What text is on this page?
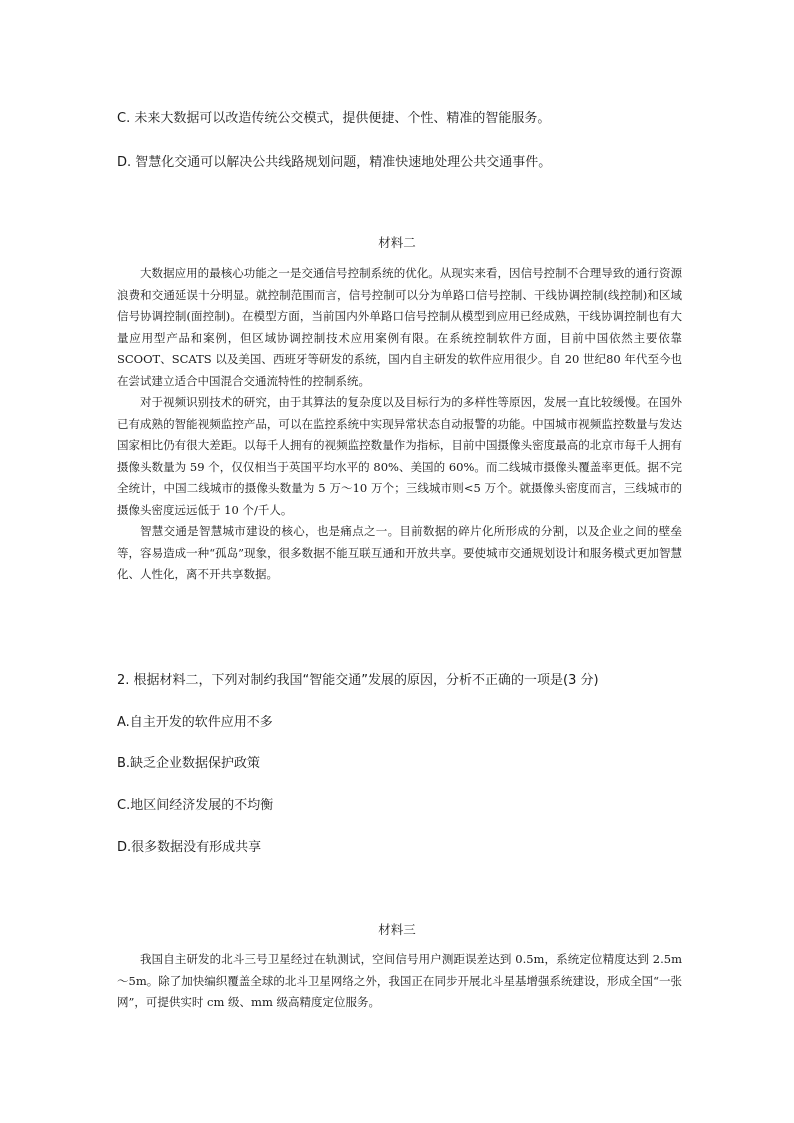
C. 未来大数据可以改造传统公交模式，提供便捷、个性、精准的智能服务。
D. 智慧化交通可以解决公共线路规划问题，精准快速地处理公共交通事件。
材料二

大数据应用的最核心功能之一是交通信号控制系统的优化。从现实来看，因信号控制不合理导致的通行资源浪费和交通延误十分明显。就控制范围而言，信号控制可以分为单路口信号控制、干线协调控制(线控制)和区域信号协调控制(面控制)。在模型方面，当前国内外单路口信号控制从模型到应用已经成熟，干线协调控制也有大量应用型产品和案例，但区域协调控制技术应用案例有限。在系统控制软件方面，目前中国依然主要依靠 SCOOT、SCATS 以及美国、西班牙等研发的系统，国内自主研发的软件应用很少。自 20 世纪80 年代至今也在尝试建立适合中国混合交通流特性的控制系统。

对于视频识别技术的研究，由于其算法的复杂度以及目标行为的多样性等原因，发展一直比较缓慢。在国外已有成熟的智能视频监控产品，可以在监控系统中实现异常状态自动报警的功能。中国城市视频监控数量与发达国家相比仍有很大差距。以每千人拥有的视频监控数量作为指标，目前中国摄像头密度最高的北京市每千人拥有摄像头数量为 59 个，仅仅相当于英国平均水平的 80%、美国的 60%。而二线城市摄像头覆盖率更低。据不完全统计，中国二线城市的摄像头数量为 5 万～10 万个；三线城市则<5 万个。就摄像头密度而言，三线城市的摄像头密度远远低于 10 个/千人。

智慧交通是智慧城市建设的核心，也是痛点之一。目前数据的碎片化所形成的分割，以及企业之间的壁垒等，容易造成一种“孤岛”现象，很多数据不能互联互通和开放共享。要使城市交通规划设计和服务模式更加智慧化、人性化，离不开共享数据。

2. 根据材料二，下列对制约我国“智能交通”发展的原因，分析不正确的一项是(3 分)
A.自主开发的软件应用不多
B.缺乏企业数据保护政策
C.地区间经济发展的不均衡
D.很多数据没有形成共享
材料三

我国自主研发的北斗三号卫星经过在轨测试，空间信号用户测距误差达到 0.5m，系统定位精度达到 2.5m～5m。除了加快编织覆盖全球的北斗卫星网络之外，我国正在同步开展北斗星基增强系统建设，形成全国“一张网”，可提供实时 cm 级、mm 级高精度定位服务。
